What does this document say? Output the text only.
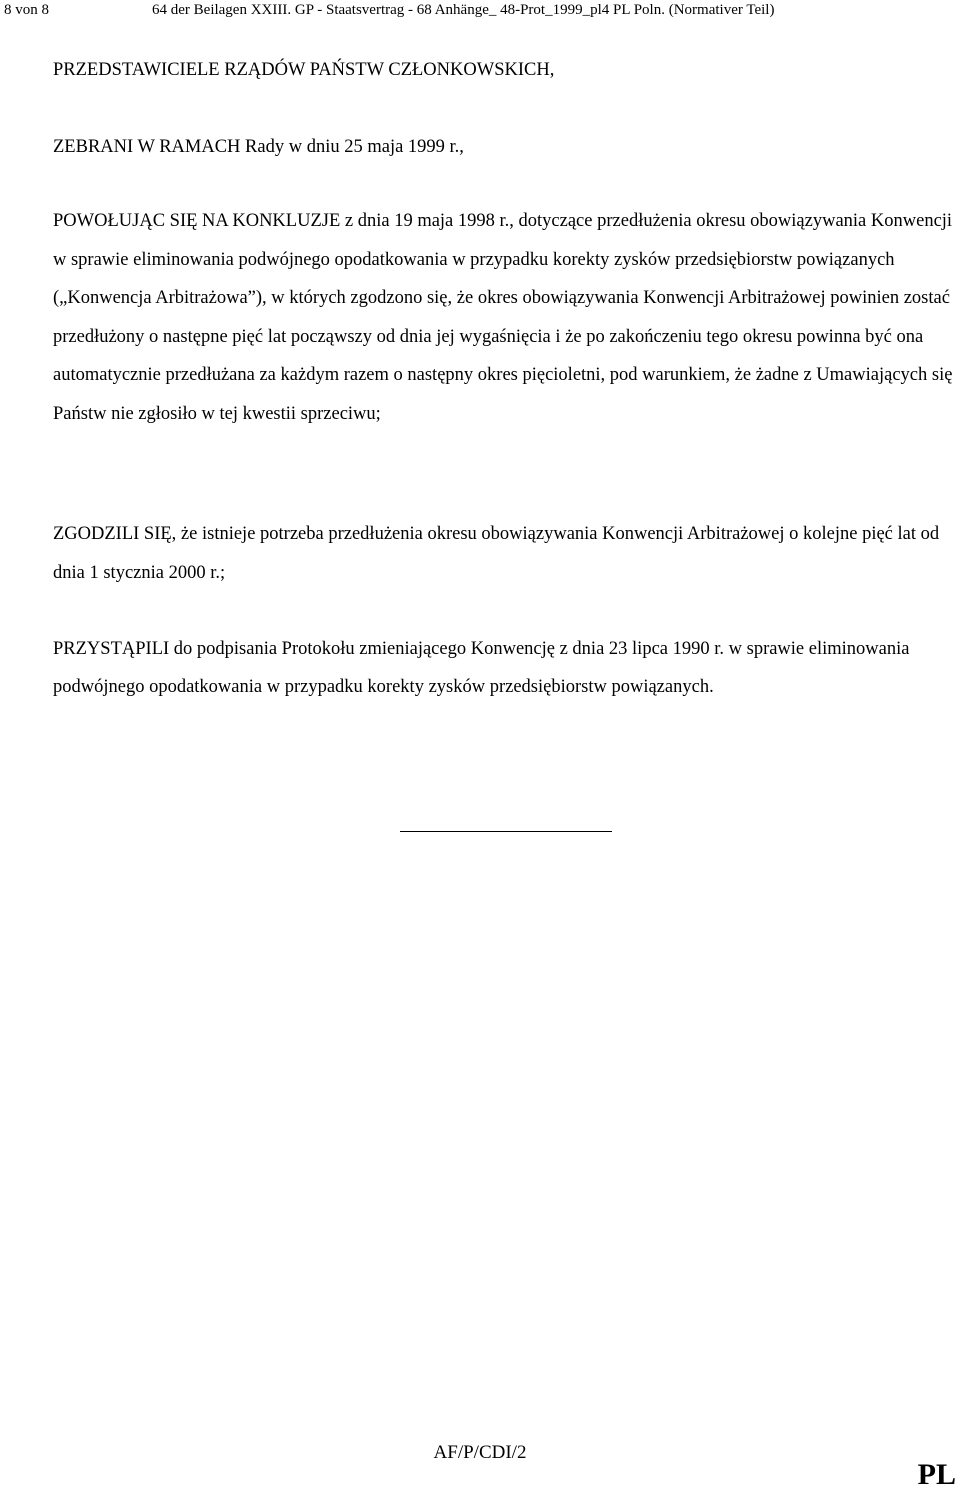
8 von 8	64 der Beilagen XXIII. GP - Staatsvertrag - 68 Anhänge_ 48-Prot_1999_pl4 PL Poln. (Normativer Teil)

PRZEDSTAWICIELE RZĄDÓW PAŃSTW CZŁONKOWSKICH,

ZEBRANI W RAMACH Rady w dniu 25 maja 1999 r.,

POWOŁUJĄC SIĘ NA KONKLUZJE z dnia 19 maja 1998 r., dotyczące przedłużenia okresu obowiązywania Konwencji w sprawie eliminowania podwójnego opodatkowania w przypadku korekty zysków przedsiębiorstw powiązanych („Konwencja Arbitrażowa”), w których zgodzono się, że okres obowiązywania Konwencji Arbitrażowej powinien zostać przedłużony o następne pięć lat począwszy od dnia jej wygaśnięcia i że po zakończeniu tego okresu powinna być ona automatycznie przedłużana za każdym razem o następny okres pięcioletni, pod warunkiem, że żadne z Umawiających się Państw nie zgłosiło w tej kwestii sprzeciwu;

ZGODZILI SIĘ, że istnieje potrzeba przedłużenia okresu obowiązywania Konwencji Arbitrażowej o kolejne pięć lat od dnia 1 stycznia 2000 r.;

PRZYSTĄPILI do podpisania Protokołu zmieniającego Konwencję z dnia 23 lipca 1990 r. w sprawie eliminowania podwójnego opodatkowania w przypadku korekty zysków przedsiębiorstw powiązanych.

AF/P/CDI/2
PL
